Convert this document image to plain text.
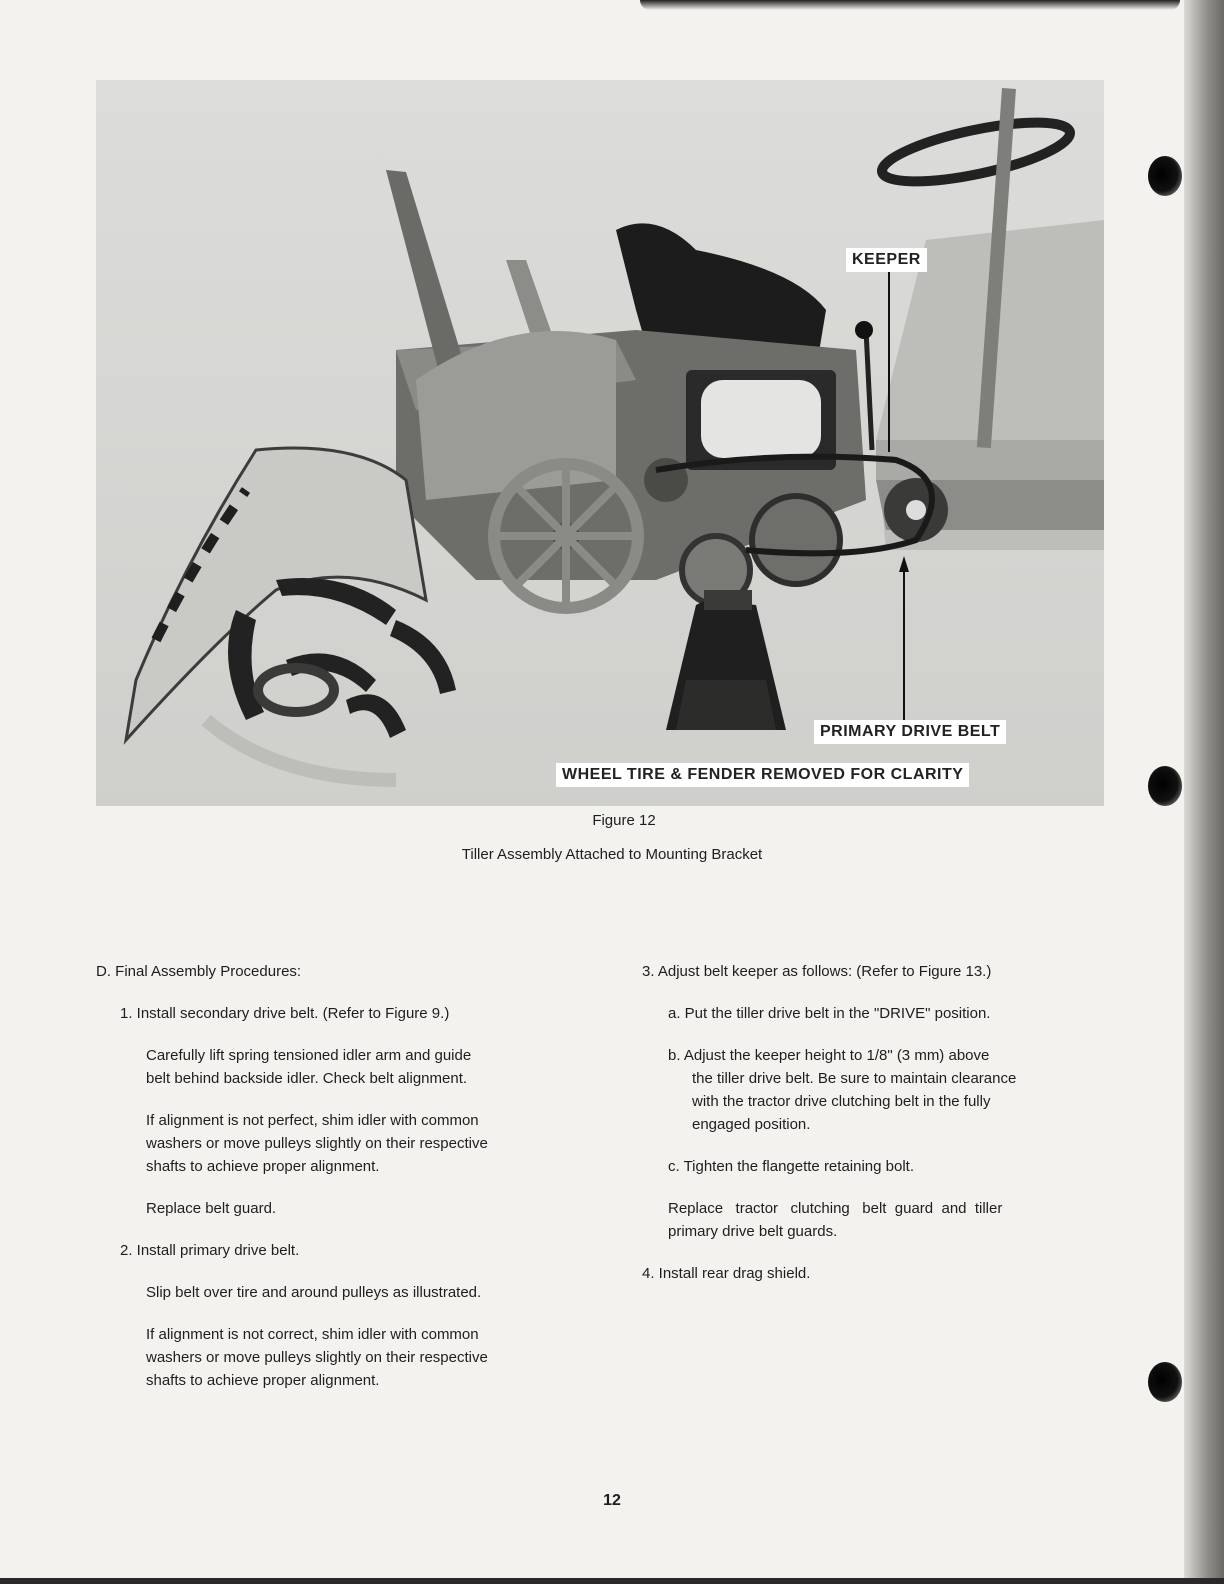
KEEPER
PRIMARY DRIVE BELT
WHEEL TIRE & FENDER REMOVED FOR CLARITY
Figure 12
Tiller Assembly Attached to Mounting Bracket

D. Final Assembly Procedures:

1. Install secondary drive belt. (Refer to Figure 9.)

Carefully lift spring tensioned idler arm and guide

belt behind backside idler. Check belt alignment.

If alignment is not perfect, shim idler with common

washers or move pulleys slightly on their respective

shafts to achieve proper alignment.

Replace belt guard.

2. Install primary drive belt.

Slip belt over tire and around pulleys as illustrated.

If alignment is not correct, shim idler with common

washers or move pulleys slightly on their respective

shafts to achieve proper alignment.

3. Adjust belt keeper as follows: (Refer to Figure 13.)

a. Put the tiller drive belt in the "DRIVE" position.

b. Adjust the keeper height to 1/8" (3 mm) above

the tiller drive belt. Be sure to maintain clearance

with the tractor drive clutching belt in the fully

engaged position.

c. Tighten the flangette retaining bolt.

Replace   tractor   clutching   belt  guard  and  tiller

primary drive belt guards.

4. Install rear drag shield.

12
